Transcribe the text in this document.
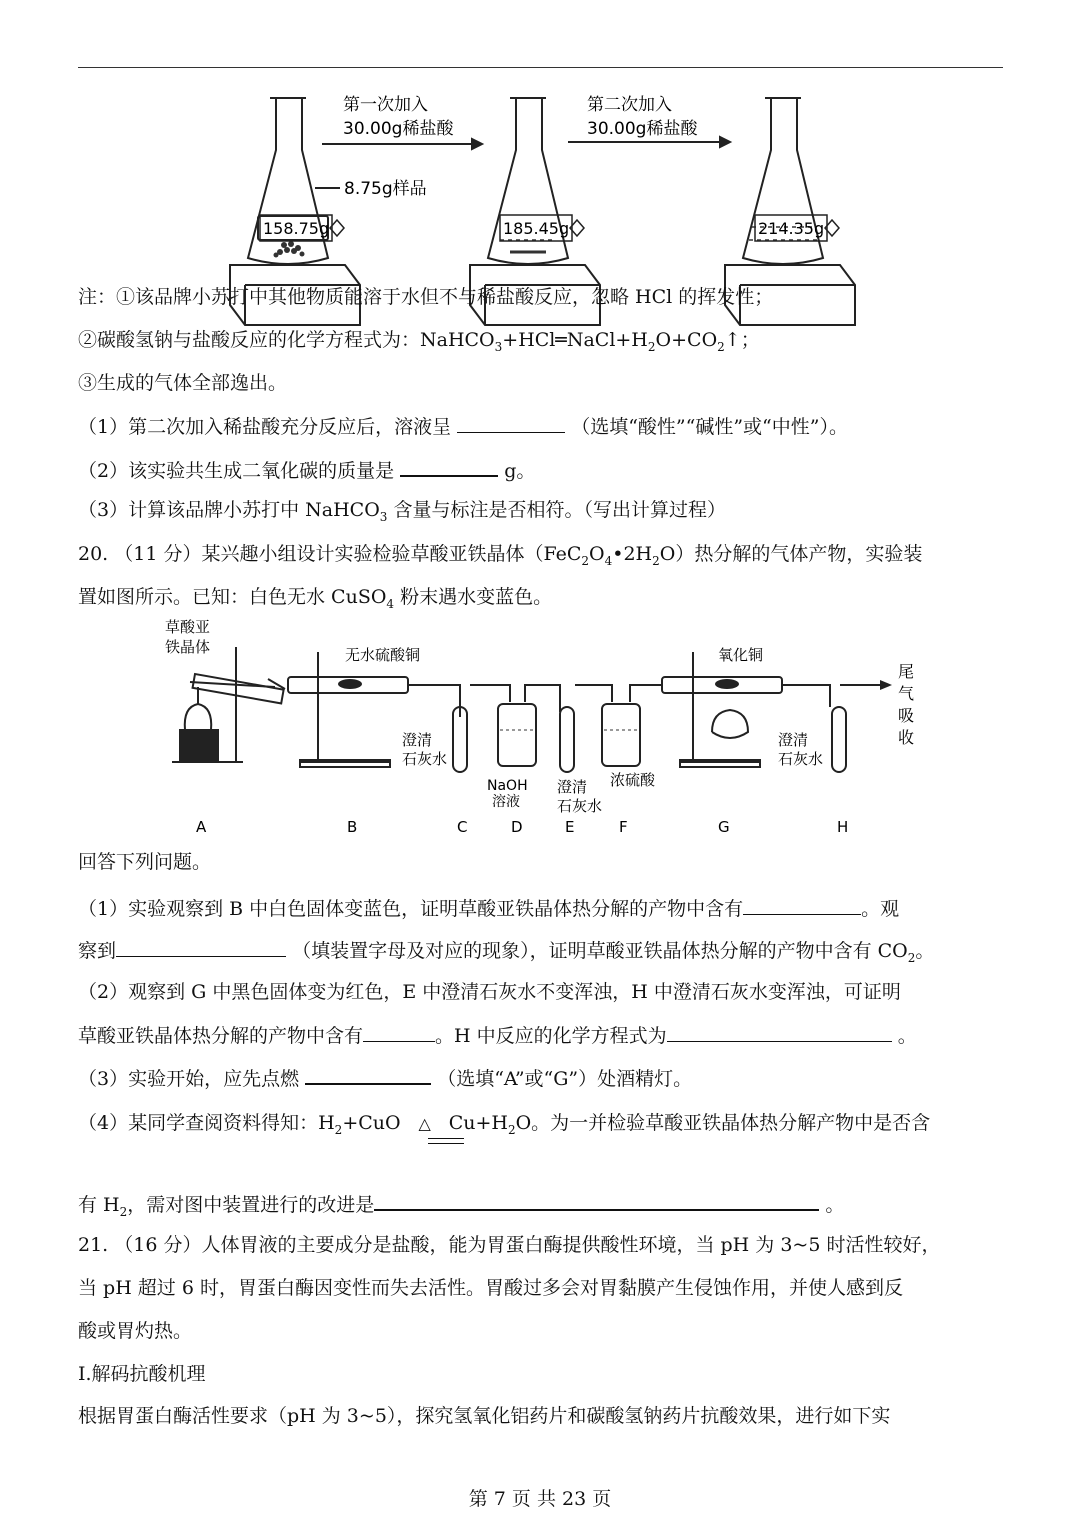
第一次加入
30.00g稀盐酸
第二次加入
30.00g稀盐酸
8.75g样品
158.75g	185.45g	214.35g
注：①该品牌小苏打中其他物质能溶于水但不与稀盐酸反应，忽略 HCl 的挥发性；
②碳酸氢钠与盐酸反应的化学方程式为：$NaHCO_3+HCl═NaCl+H_2O+CO_2↑$；
③生成的气体全部逸出。
（1）第二次加入稀盐酸充分反应后，溶液呈	（选填“酸性”“碱性”或“中性”）。
（2）该实验共生成二氧化碳的质量是	g。
（3）计算该品牌小苏打中 NaHCO$_3$ 含量与标注是否相符。（写出计算过程）
20. （11 分）某兴趣小组设计实验检验草酸亚铁晶体$(FeC_2O_4•2H_2O)$热分解的气体产物，实验装
置如图所示。已知：白色无水 CuSO$_4$ 粉末遇水变蓝色。
草酸亚
铁晶体	无水硫酸铜
澄清
石灰水
NaOH
溶液
澄清
石灰水
浓硫酸
氧化铜
澄清
石灰水
尾
气
吸
收
A	B	C	D	E	F	G	H
回答下列问题。
（1）实验观察到 B 中白色固体变蓝色，证明草酸亚铁晶体热分解的产物中含有	。观
察到	（填装置字母及对应的现象），证明草酸亚铁晶体热分解的产物中含有 $CO_2$。
（2）观察到 G 中黑色固体变为红色，E 中澄清石灰水不变浑浊，H 中澄清石灰水变浑浊，可证明
草酸亚铁晶体热分解的产物中含有	。H 中反应的化学方程式为	。
（3）实验开始，应先点燃	（选填“A”或“G”）处酒精灯。
（4）某同学查阅资料得知：$H_2+CuO$	△ $Cu+H_2O$。为一并检验草酸亚铁晶体热分解产物中是否含
有 $H_2$，需对图中装置进行的改进是	。
21. （16 分）人体胃液的主要成分是盐酸，能为胃蛋白酶提供酸性环境，当 pH 为 3~5 时活性较好，
当 pH 超过 6 时，胃蛋白酶因变性而失去活性。胃酸过多会对胃黏膜产生侵蚀作用，并使人感到反
酸或胃灼热。
I.解码抗酸机理
根据胃蛋白酶活性要求（pH 为 3~5），探究氢氧化铝药片和碳酸氢钠药片抗酸效果，进行如下实
第 7 页 共 23 页
